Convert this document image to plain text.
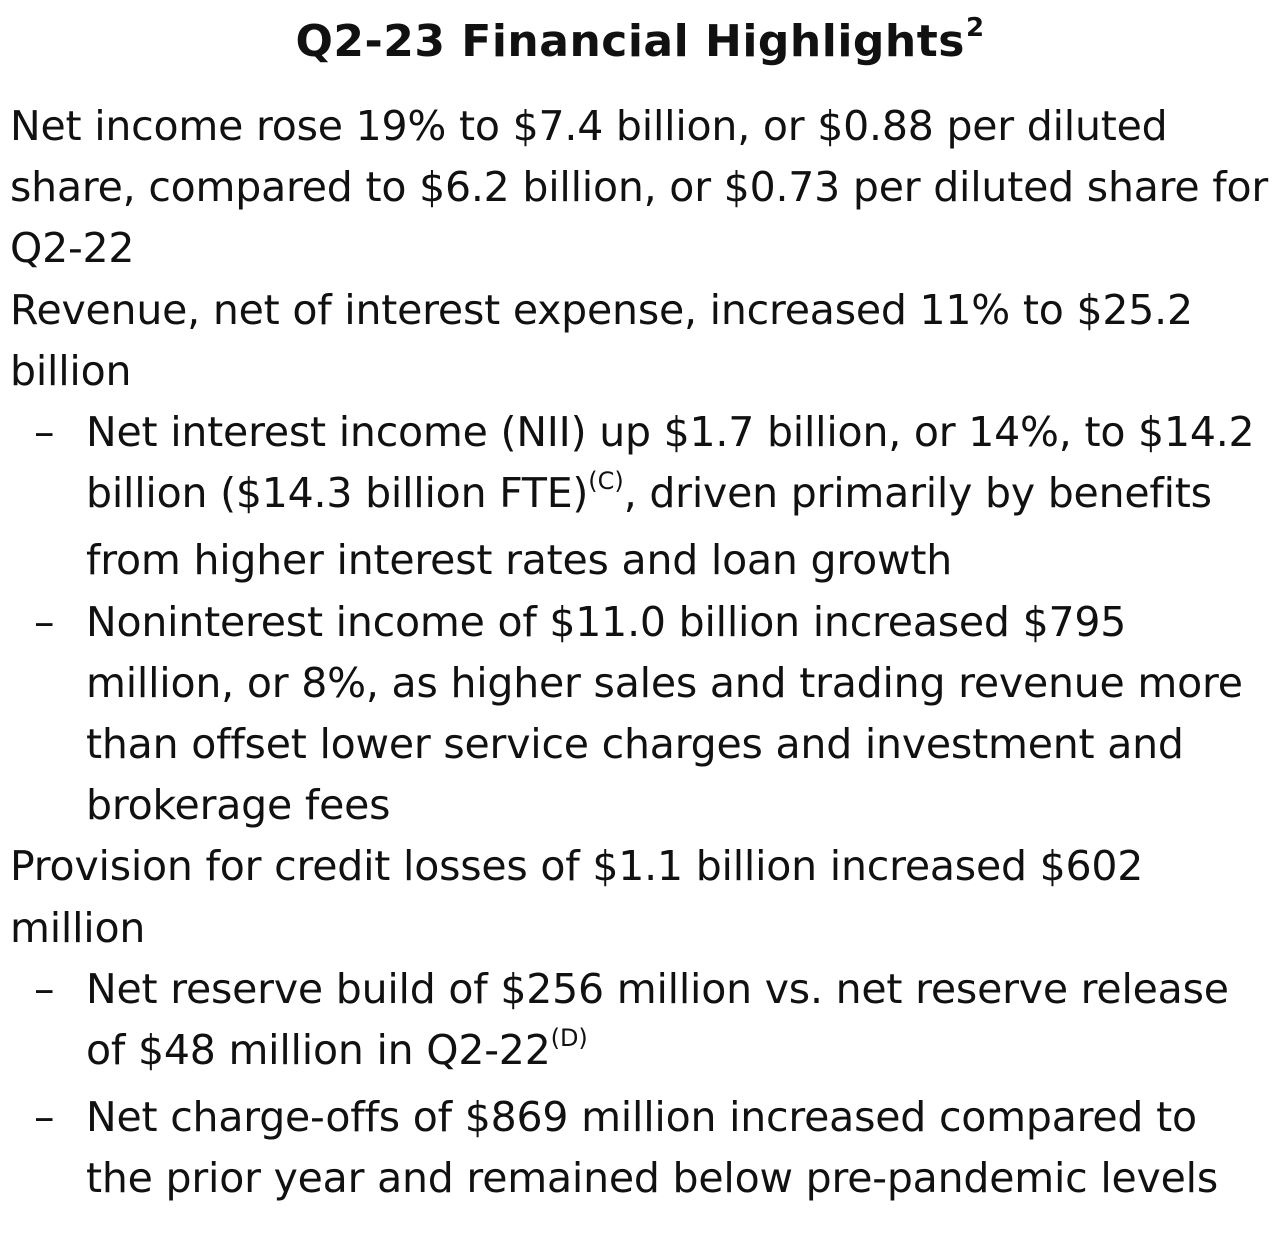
Q2-23 Financial Highlights$^2$

Net income rose 19% to $7.4 billion, or $0.88 per diluted share, compared to $6.2 billion, or $0.73 per diluted share for Q2-22

Revenue, net of interest expense, increased 11% to $25.2 billion

– Net interest income (NII) up $1.7 billion, or 14%, to $14.2 billion ($14.3 billion FTE)$^{(C)}$, driven primarily by benefits from higher interest rates and loan growth

– Noninterest income of $11.0 billion increased $795 million, or 8%, as higher sales and trading revenue more than offset lower service charges and investment and brokerage fees

Provision for credit losses of $1.1 billion increased $602 million

– Net reserve build of $256 million vs. net reserve release of $48 million in Q2-22$^{(D)}$

– Net charge-offs of $869 million increased compared to the prior year and remained below pre-pandemic levels
